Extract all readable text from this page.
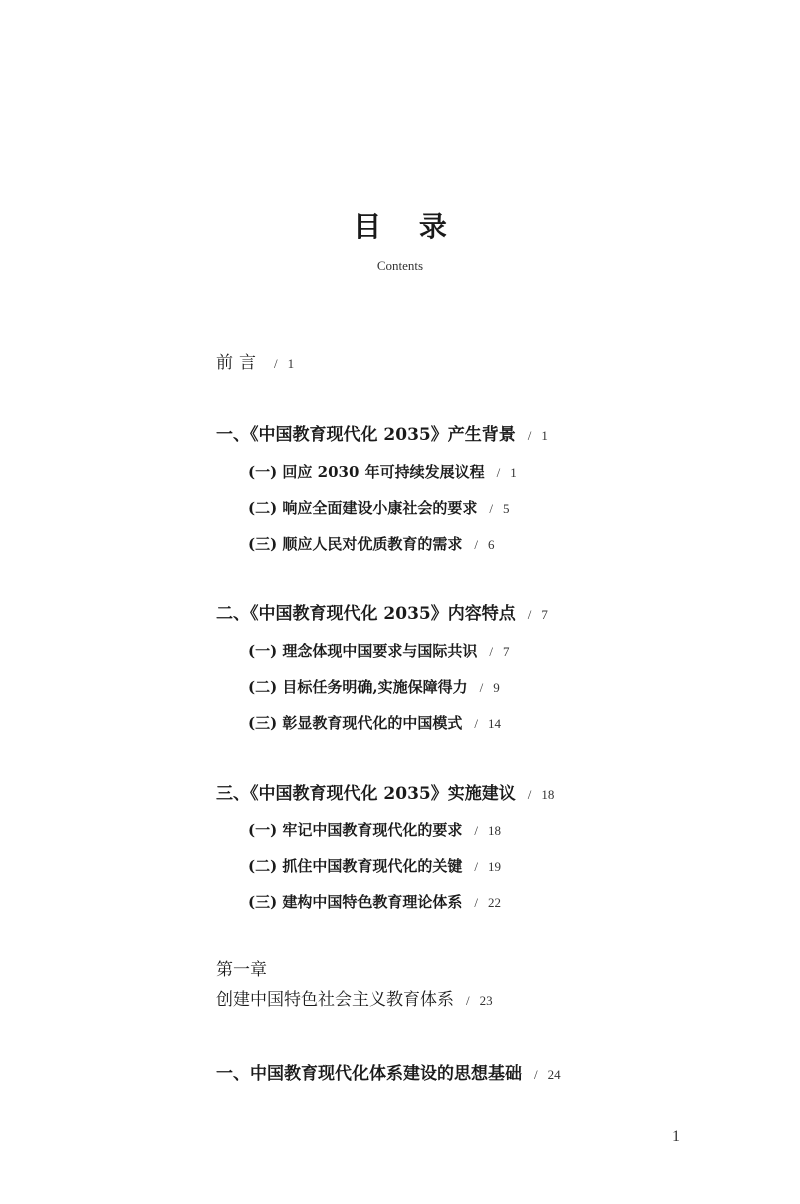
目 录
Contents
前言 / 1
一、《中国教育现代化 2035》产生背景 / 1
(一) 回应 2030 年可持续发展议程 / 1
(二) 响应全面建设小康社会的要求 / 5
(三) 顺应人民对优质教育的需求 / 6
二、《中国教育现代化 2035》内容特点 / 7
(一) 理念体现中国要求与国际共识 / 7
(二) 目标任务明确,实施保障得力 / 9
(三) 彰显教育现代化的中国模式 / 14
三、《中国教育现代化 2035》实施建议 / 18
(一) 牢记中国教育现代化的要求 / 18
(二) 抓住中国教育现代化的关键 / 19
(三) 建构中国特色教育理论体系 / 22
第一章
创建中国特色社会主义教育体系 / 23
一、中国教育现代化体系建设的思想基础 / 24
1
